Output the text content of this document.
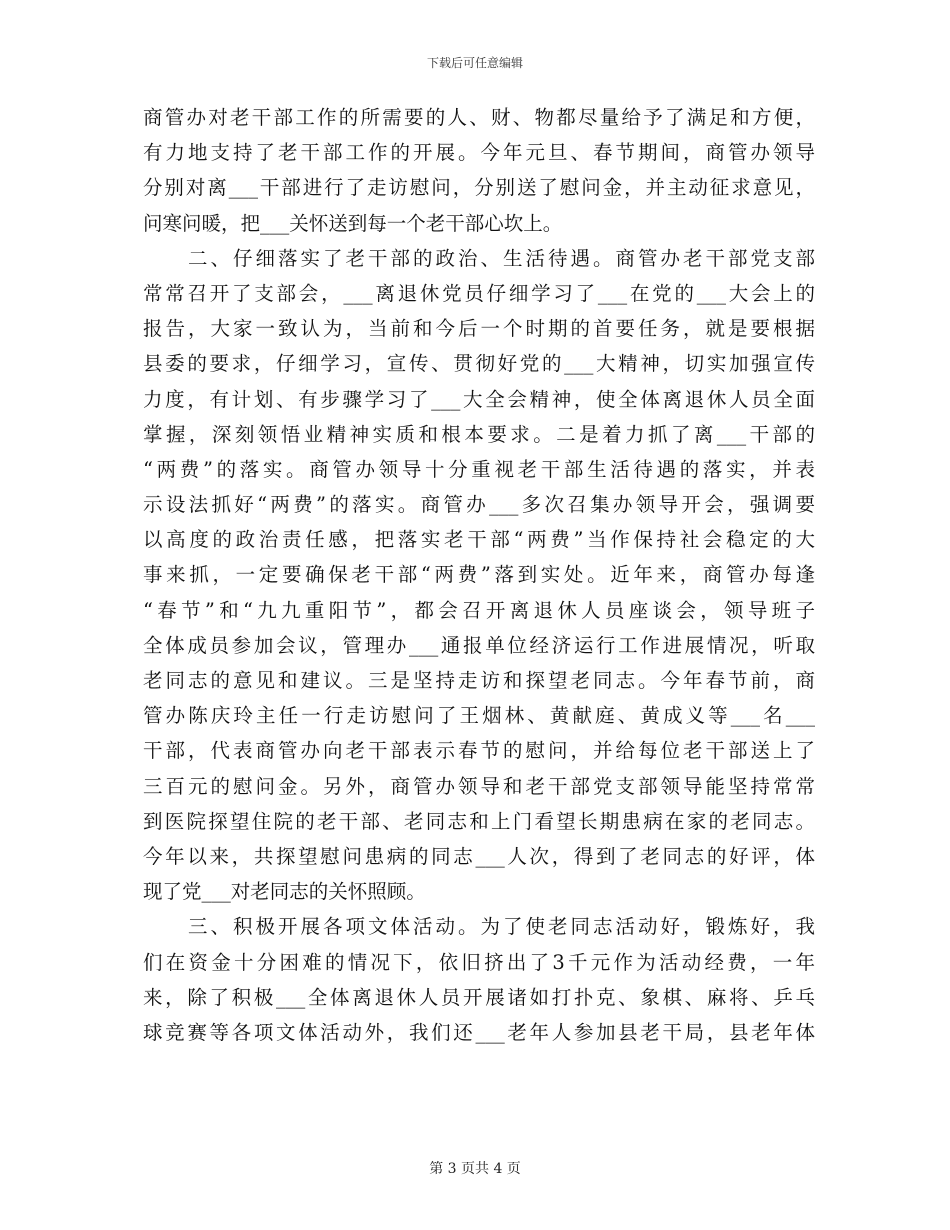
下载后可任意编辑
商管办对老干部工作的所需要的人、财、物都尽量给予了满足和方便，
有力地支持了老干部工作的开展。今年元旦、春节期间，商管办领导
分别对离___干部进行了走访慰问，分别送了慰问金，并主动征求意见，
问寒问暖，把___关怀送到每一个老干部心坎上。
　　二、仔细落实了老干部的政治、生活待遇。商管办老干部党支部
常常召开了支部会，___离退休党员仔细学习了___在党的___大会上的
报告，大家一致认为，当前和今后一个时期的首要任务，就是要根据
县委的要求，仔细学习，宣传、贯彻好党的___大精神，切实加强宣传
力度，有计划、有步骤学习了___大全会精神，使全体离退休人员全面
掌握，深刻领悟业精神实质和根本要求。二是着力抓了离___干部的
“两费”的落实。商管办领导十分重视老干部生活待遇的落实，并表
示设法抓好“两费”的落实。商管办___多次召集办领导开会，强调要
以高度的政治责任感，把落实老干部“两费”当作保持社会稳定的大
事来抓，一定要确保老干部“两费”落到实处。近年来，商管办每逢
“春节”和“九九重阳节”，都会召开离退休人员座谈会，领导班子
全体成员参加会议，管理办___通报单位经济运行工作进展情况，听取
老同志的意见和建议。三是坚持走访和探望老同志。今年春节前，商
管办陈庆玲主任一行走访慰问了王烟林、黄献庭、黄成义等___名___
干部，代表商管办向老干部表示春节的慰问，并给每位老干部送上了
三百元的慰问金。另外，商管办领导和老干部党支部领导能坚持常常
到医院探望住院的老干部、老同志和上门看望长期患病在家的老同志。
今年以来，共探望慰问患病的同志___人次，得到了老同志的好评，体
现了党___对老同志的关怀照顾。
　　三、积极开展各项文体活动。为了使老同志活动好，锻炼好，我
们在资金十分困难的情况下，依旧挤出了3千元作为活动经费，一年
来，除了积极___全体离退休人员开展诸如打扑克、象棋、麻将、乒乓
球竞赛等各项文体活动外，我们还___老年人参加县老干局，县老年体
第 3 页共 4 页
